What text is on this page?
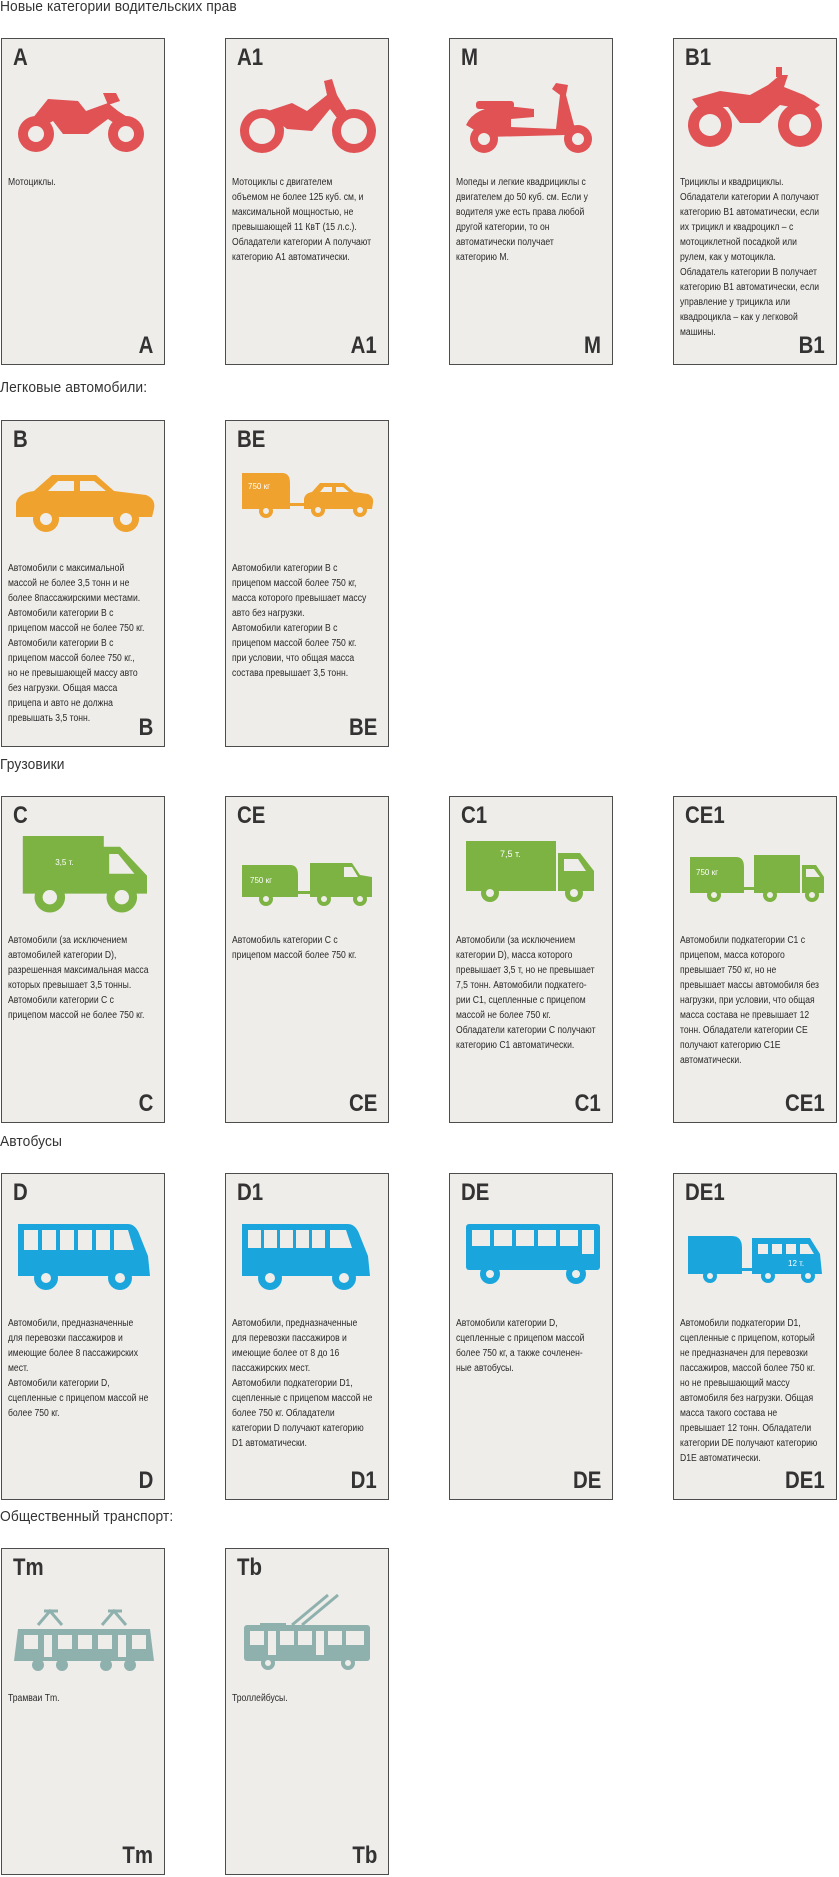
Новые категории водительских прав
Легковые автомобили:
Грузовики
Автобусы
Общественный транспорт:
A
Мотоциклы.
A
A1
Мотоциклы с двигателем
объемом не более 125 куб. см, и
максимальной мощностью, не
превышающей 11 КвТ (15 л.с.).
Обладатели категории А получают
категорию А1 автоматически.
A1
M
Мопеды и легкие квадрициклы с
двигателем до 50 куб. см. Если у
водителя уже есть права любой
другой категории, то он
автоматически получает
категорию М.
M
B1
Трициклы и квадрициклы.
Обладатели категории А получают
категорию В1 автоматически, если
их трицикл и квадроцикл – с
мотоциклетной посадкой или
рулем, как у мотоцикла.
Обладатель категории В получает
категорию В1 автоматически, если
управление у трицикла или
квадроцикла – как у легковой
машины.	B1
B
Автомобили с максимальной
массой не более 3,5 тонн и не
более 8пассажирскими местами.
Автомобили категории В с
прицепом массой не более 750 кг.
Автомобили категории В с
прицепом массой более 750 кг.,
но не превышающей массу авто
без нагрузки. Общая масса
прицепа и авто не должна
превышать 3,5 тонн.	B
BE
750 кг
Автомобили категории В с
прицепом массой более 750 кг,
масса которого превышает массу
авто без нагрузки.
Автомобили категории В с
прицепом массой более 750 кг.
при условии, что общая масса
состава превышает 3,5 тонн.
BE
C
3,5 т.
Автомобили (за исключением
автомобилей категории D),
разрешенная максимальная масса
которых превышает 3,5 тонны.
Автомобили категории С с
прицепом массой не более 750 кг.
C
CE
750 кг
Автомобиль категории С с
прицепом массой более 750 кг.
CE
C1
7,5 т.
Автомобили (за исключением
категории D), масса которого
превышает 3,5 т, но не превышает
7,5 тонн. Автомобили подкатего-
рии С1, сцепленные с прицепом
массой не более 750 кг.
Обладатели категории С получают
категорию С1 автоматически.
C1
CE1
750 кг
Автомобили подкатегории С1 с
прицепом, масса которого
превышает 750 кг, но не
превышает массы автомобиля без
нагрузки, при условии, что общая
масса состава не превышает 12
тонн. Обладатели категории СЕ
получают категорию С1Е
автоматически.
CE1
D
Автомобили, предназначенные
для перевозки пассажиров и
имеющие более 8 пассажирских
мест.
Автомобили категории D,
сцепленные с прицепом массой не
более 750 кг.
D
D1
Автомобили, предназначенные
для перевозки пассажиров и
имеющие более от 8 до 16
пассажирских мест.
Автомобили подкатегории D1,
сцепленные с прицепом массой не
более 750 кг. Обладатели
категории D получают категорию
D1 автоматически.
D1
DE
Автомобили категории D,
сцепленные с прицепом массой
более 750 кг, а также сочленен-
ные автобусы.
DE
DE1
12 т.
Автомобили подкатегории D1,
сцепленные с прицепом, который
не предназначен для перевозки
пассажиров, массой более 750 кг.
но не превышающий массу
автомобиля без нагрузки. Общая
масса такого состава не
превышает 12 тонн. Обладатели
категории DE получают категорию
D1E автоматически.
DE1
Tm
Трамваи Tm.
Tm
Tb
Троллейбусы.
Tb
